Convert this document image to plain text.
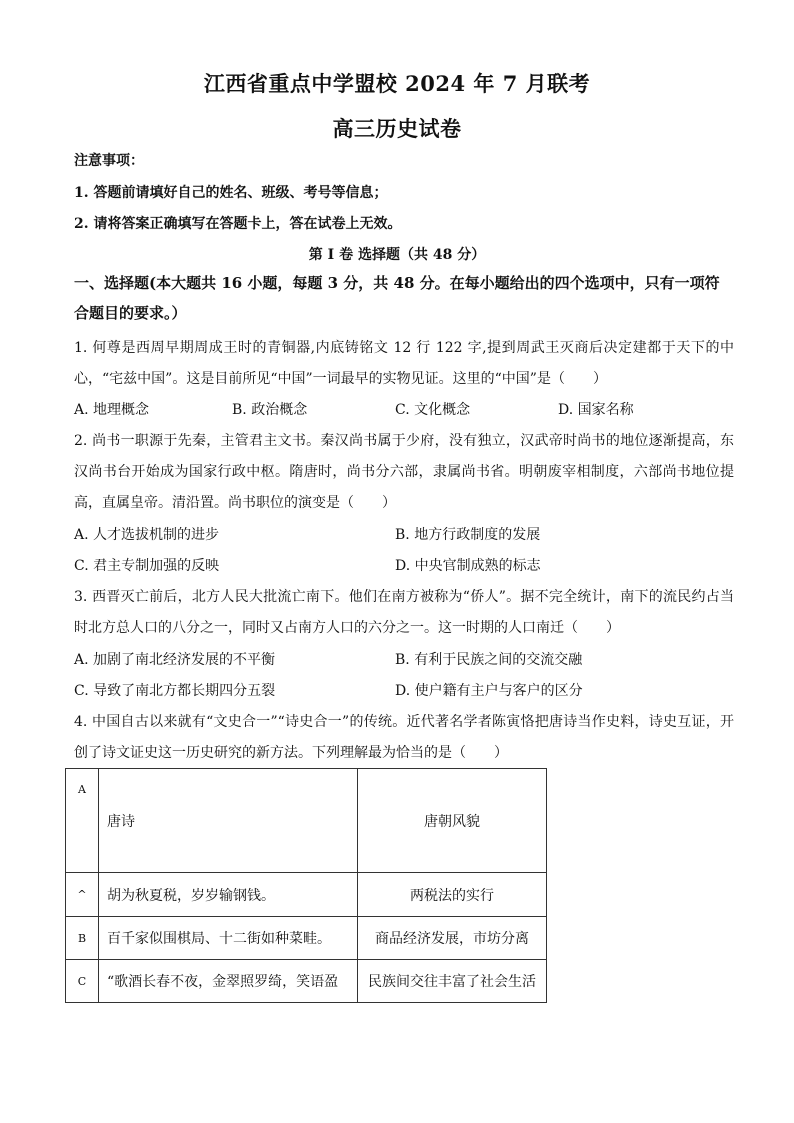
江西省重点中学盟校 2024 年 7 月联考
高三历史试卷
注意事项：
1. 答题前请填好自己的姓名、班级、考号等信息；
2. 请将答案正确填写在答题卡上，答在试卷上无效。
第 I 卷 选择题（共 48 分）
一、选择题(本大题共 16 小题，每题 3 分，共 48 分。在每小题给出的四个选项中，只有一项符合题目的要求。）

1. 何尊是西周早期周成王时的青铜器,内底铸铭文 12 行 122 字,提到周武王灭商后决定建都于天下的中心，“宅兹中国”。这是目前所见“中国”一词最早的实物见证。这里的“中国”是（　　）

A. 地理概念	B. 政治概念	C. 文化概念	D. 国家名称

2. 尚书一职源于先秦，主管君主文书。秦汉尚书属于少府，没有独立，汉武帝时尚书的地位逐渐提高，东汉尚书台开始成为国家行政中枢。隋唐时，尚书分六部，隶属尚书省。明朝废宰相制度，六部尚书地位提高，直属皇帝。清沿置。尚书职位的演变是（　　）

A. 人才选拔机制的进步	B. 地方行政制度的发展
C. 君主专制加强的反映	D. 中央官制成熟的标志

3. 西晋灭亡前后，北方人民大批流亡南下。他们在南方被称为“侨人”。据不完全统计，南下的流民约占当时北方总人口的八分之一，同时又占南方人口的六分之一。这一时期的人口南迁（　　）

A. 加剧了南北经济发展的不平衡	B. 有利于民族之间的交流交融
C. 导致了南北方都长期四分五裂	D. 使户籍有主户与客户的区分

4. 中国自古以来就有“文史合一”“诗史合一”的传统。近代著名学者陈寅恪把唐诗当作史料，诗史互证，开创了诗文证史这一历史研究的新方法。下列理解最为恰当的是（　　）

A	唐诗	唐朝风貌
^	胡为秋夏税，岁岁输钢钱。	两税法的实行
B	百千家似围棋局、十二街如种菜畦。	商品经济发展，市坊分离
C	“歌酒长春不夜，金翠照罗绮，笑语盈	民族间交往丰富了社会生活
